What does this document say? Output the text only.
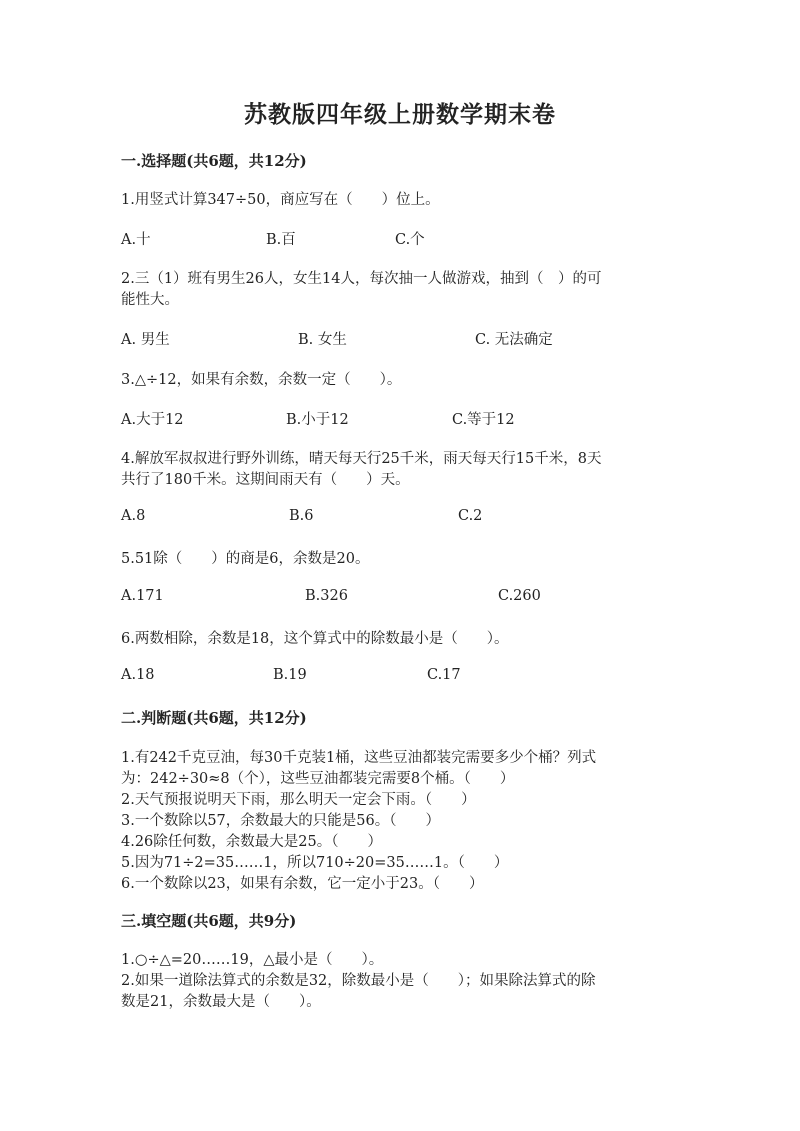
苏教版四年级上册数学期末卷
一.选择题(共6题，共12分)
1.用竖式计算347÷50，商应写在（　　）位上。
A.十	B.百	C.个
2.三（1）班有男生26人，女生14人，每次抽一人做游戏，抽到（　）的可
能性大。
A. 男生	B. 女生	C. 无法确定
3.△÷12，如果有余数，余数一定（　　）。
A.大于12	B.小于12	C.等于12
4.解放军叔叔进行野外训练，晴天每天行25千米，雨天每天行15千米，8天
共行了180千米。这期间雨天有（　　）天。
A.8	B.6	C.2
5.51除（　　）的商是6，余数是20。
A.171	B.326	C.260
6.两数相除，余数是18，这个算式中的除数最小是（　　）。
A.18	B.19	C.17
二.判断题(共6题，共12分)
1.有242千克豆油，每30千克装1桶，这些豆油都装完需要多少个桶？列式
为：242÷30≈8（个），这些豆油都装完需要8个桶。（　　）
2.天气预报说明天下雨，那么明天一定会下雨。（　　）
3.一个数除以57，余数最大的只能是56。（　　）
4.26除任何数，余数最大是25。（　　）
5.因为71÷2=35……1，所以710÷20=35……1。（　　）
6.一个数除以23，如果有余数，它一定小于23。（　　）
三.填空题(共6题，共9分)
1.○÷△=20……19，△最小是（　　）。
2.如果一道除法算式的余数是32，除数最小是（　　）；如果除法算式的除
数是21，余数最大是（　　）。
